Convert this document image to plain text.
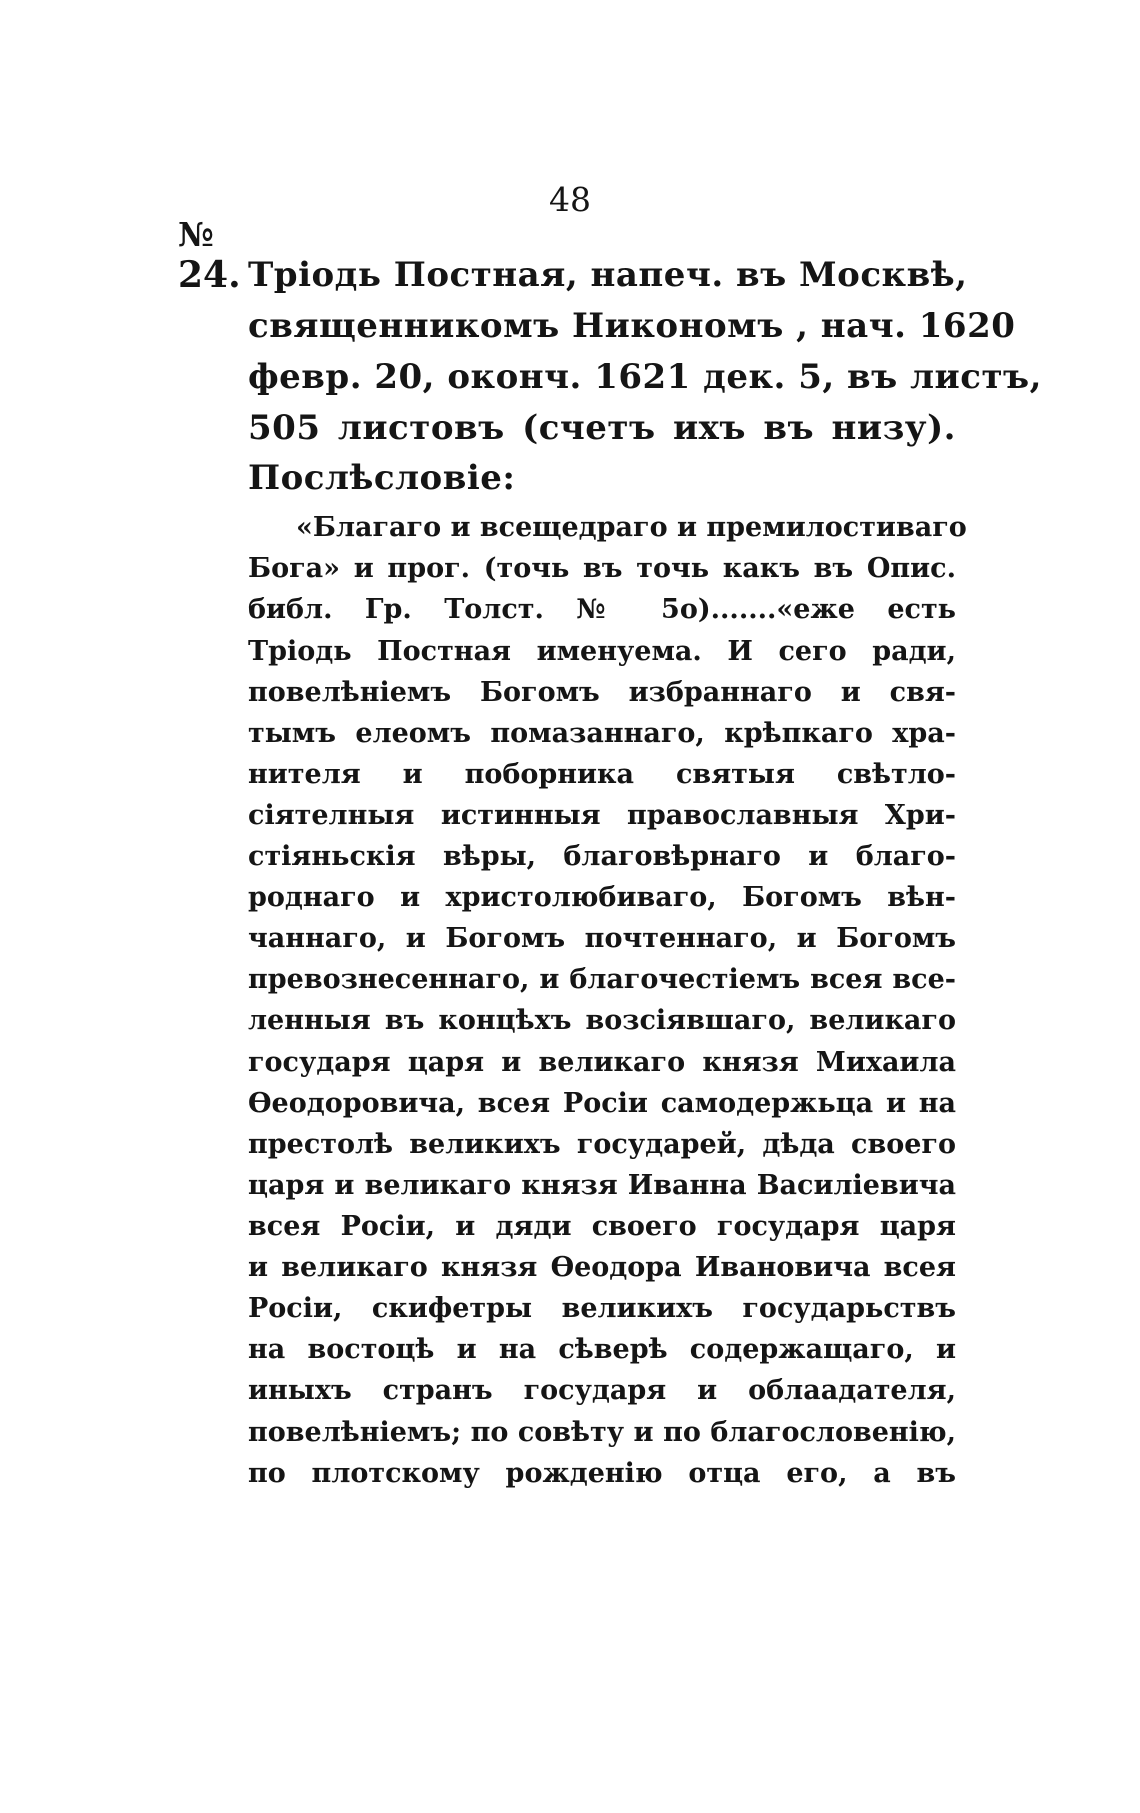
48
№
24. Тріодь Постная, напеч. въ Москвѣ,
священникомъ Никономъ , нач. 1620
февр. 20, оконч. 1621 дек. 5, въ листъ,
505 листовъ (счетъ ихъ въ низу).
Послѣсловіе:
«Благаго и всещедраго и премилостиваго
Бога» и прог. (точь въ точь какъ въ Опис.
библ. Гр. Толст. № 5о).......«еже есть
Тріодь Постная именуема. И сего ради,
повелѣніемъ Богомъ избраннаго и свя-
тымъ елеомъ помазаннаго, крѣпкаго хра-
нителя и поборника святыя свѣтло-
сіятелныя истинныя православныя Хри-
стіяньскія вѣры, благовѣрнаго и благо-
роднаго и христолюбиваго, Богомъ вѣн-
чаннаго, и Богомъ почтеннаго, и Богомъ
превознесеннаго, и благочестіемъ всея все-
ленныя въ концѣхъ возсіявшаго, великаго
государя царя и великаго князя Михаила
Ѳеодоровича, всея Росіи самодержьца и на
престолѣ великихъ государей, дѣда своего
царя и великаго князя Иванна Василіевича
всея Росіи, и дяди своего государя царя
и великаго князя Ѳеодора Ивановича всея
Росіи, скифетры великихъ государьствъ
на востоцѣ и на сѣверѣ содержащаго, и
иныхъ странъ государя и облаадателя,
повелѣніемъ; по совѣту и по благословенію,
по плотскому рожденію отца его, а въ
